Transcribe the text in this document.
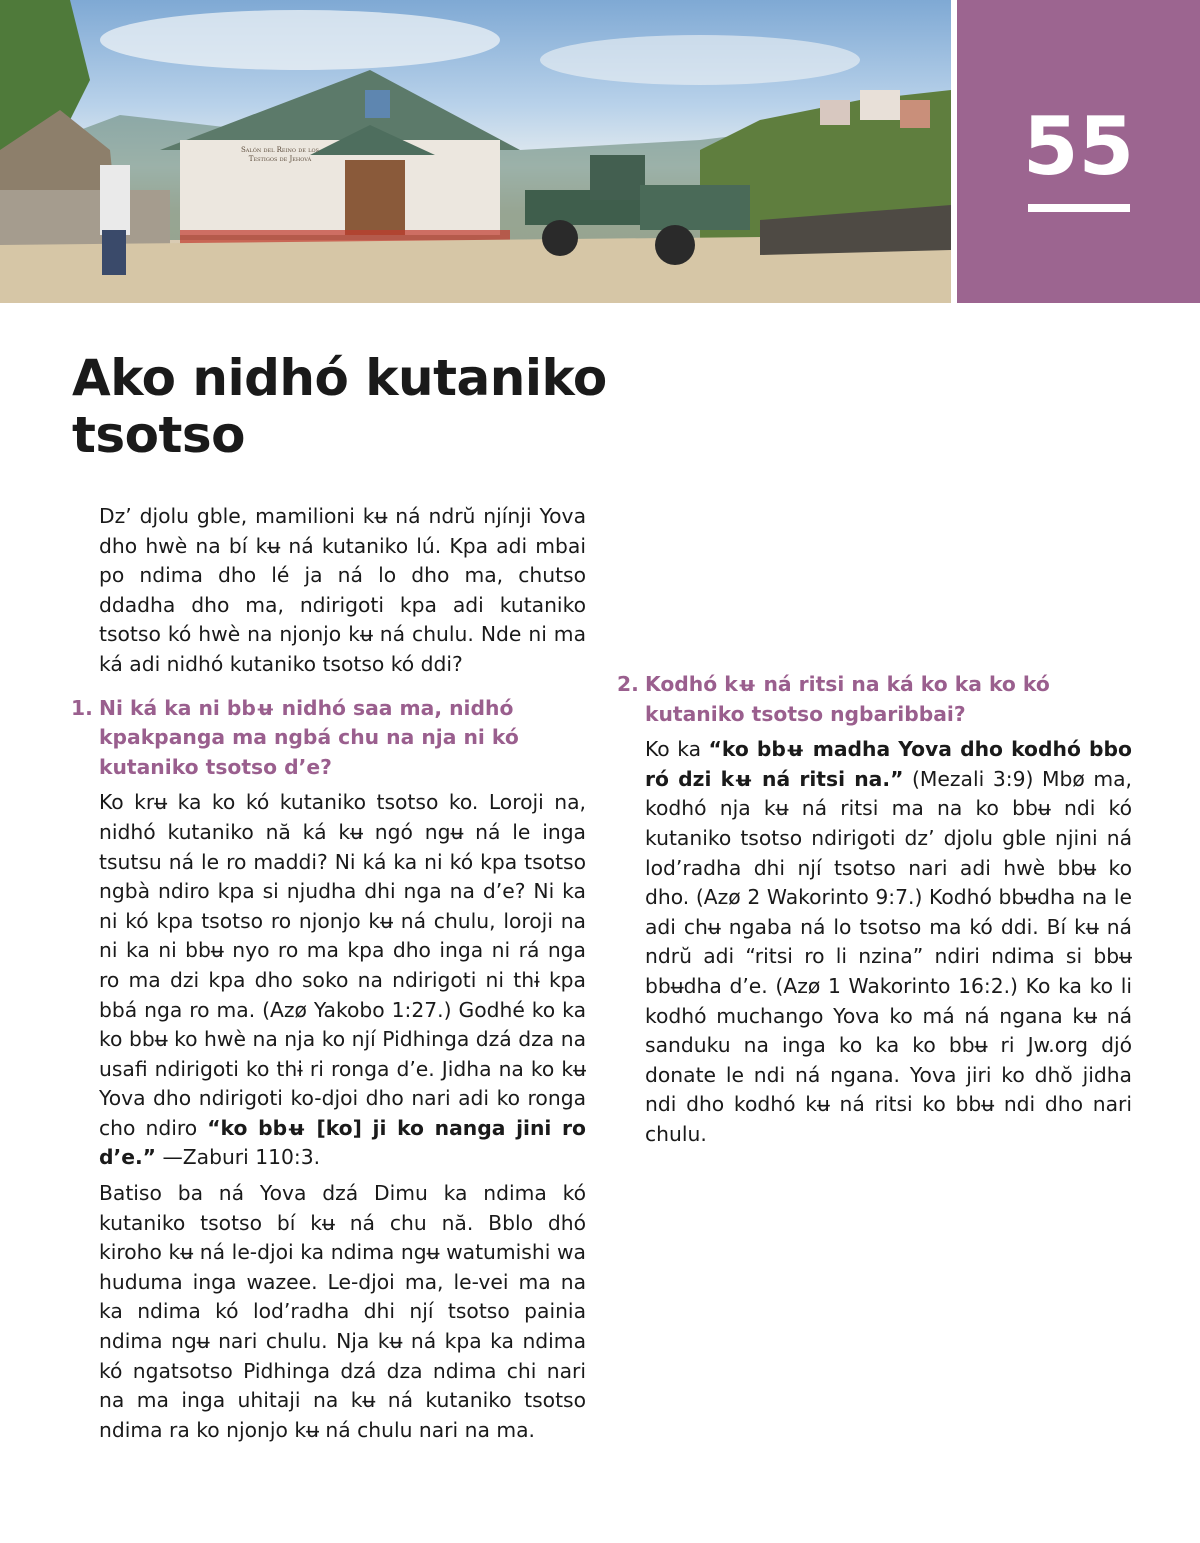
Salón del Reino de los Testigos de Jehová	55
Ako nidhó kutaniko tsotso

Dz’ djolu gble, mamilioni kʉ ná ndrŭ njínji Yova dho hwè na bí kʉ ná kutaniko lú. Kpa adi mbai po ndima dho lé ja ná lo dho ma, chutso ddadha dho ma, ndirigoti kpa adi kutaniko tsotso kó hwè na njonjo kʉ ná chulu. Nde ni ma ká adi nidhó kutaniko tsotso kó ddi?

1. Ni ká ka ni bbʉ nidhó saa ma, nidhó kpakpanga ma ngbá chu na nja ni kó kutaniko tsotso d’e?

Ko krʉ ka ko kó kutaniko tsotso ko. Loroji na, nidhó kutaniko nă ká kʉ ngó ngʉ ná le inga tsutsu ná le ro maddi? Ni ká ka ni kó kpa tsotso ngbà ndiro kpa si njudha dhi nga na d’e? Ni ka ni kó kpa tsotso ro njonjo kʉ ná chulu, loroji na ni ka ni bbʉ nyo ro ma kpa dho inga ni rá nga ro ma dzi kpa dho soko na ndirigoti ni thɨ kpa bbá nga ro ma. (Azø Yakobo 1:27.) Godhé ko ka ko bbʉ ko hwè na nja ko njí Pidhinga dzá dza na usafi ndirigoti ko thɨ ri ronga d’e. Jidha na ko kʉ Yova dho ndirigoti ko-djoi dho nari adi ko ronga cho ndiro “ko bbʉ [ko] ji ko nanga jini ro d’e.” —Zaburi 110:3.

Batiso ba ná Yova dzá Dimu ka ndima kó kutaniko tsotso bí kʉ ná chu nă. Bblo dhó kiroho kʉ ná le-djoi ka ndima ngʉ watumishi wa huduma inga wazee. Le-djoi ma, le-vei ma na ka ndima kó lod’radha dhi njí tsotso painia ndima ngʉ nari chulu. Nja kʉ ná kpa ka ndima kó ngatsotso Pidhinga dzá dza ndima chi nari na ma inga uhitaji na kʉ ná kutaniko tsotso ndima ra ko njonjo kʉ ná chulu nari na ma.

2. Kodhó kʉ ná ritsi na ká ko ka ko kó kutaniko tsotso ngbaribbai?

Ko ka “ko bbʉ madha Yova dho kodhó bbo ró dzi kʉ ná ritsi na.” (Mezali 3:9) Mbø ma, kodhó nja kʉ ná ritsi ma na ko bbʉ ndi kó kutaniko tsotso ndirigoti dz’ djolu gble njini ná lod’radha dhi njí tsotso nari adi hwè bbʉ ko dho. (Azø 2 Wakorinto 9:7.) Kodhó bbʉdha na le adi chʉ ngaba ná lo tsotso ma kó ddi. Bí kʉ ná ndrŭ adi “ritsi ro li nzina” ndiri ndima si bbʉ bbʉdha d’e. (Azø 1 Wakorinto 16:2.) Ko ka ko li kodhó muchango Yova ko má ná ngana kʉ ná sanduku na inga ko ka ko bbʉ ri Jw.org djó donate le ndi ná ngana. Yova jiri ko dhŏ jidha ndi dho kodhó kʉ ná ritsi ko bbʉ ndi dho nari chulu.
